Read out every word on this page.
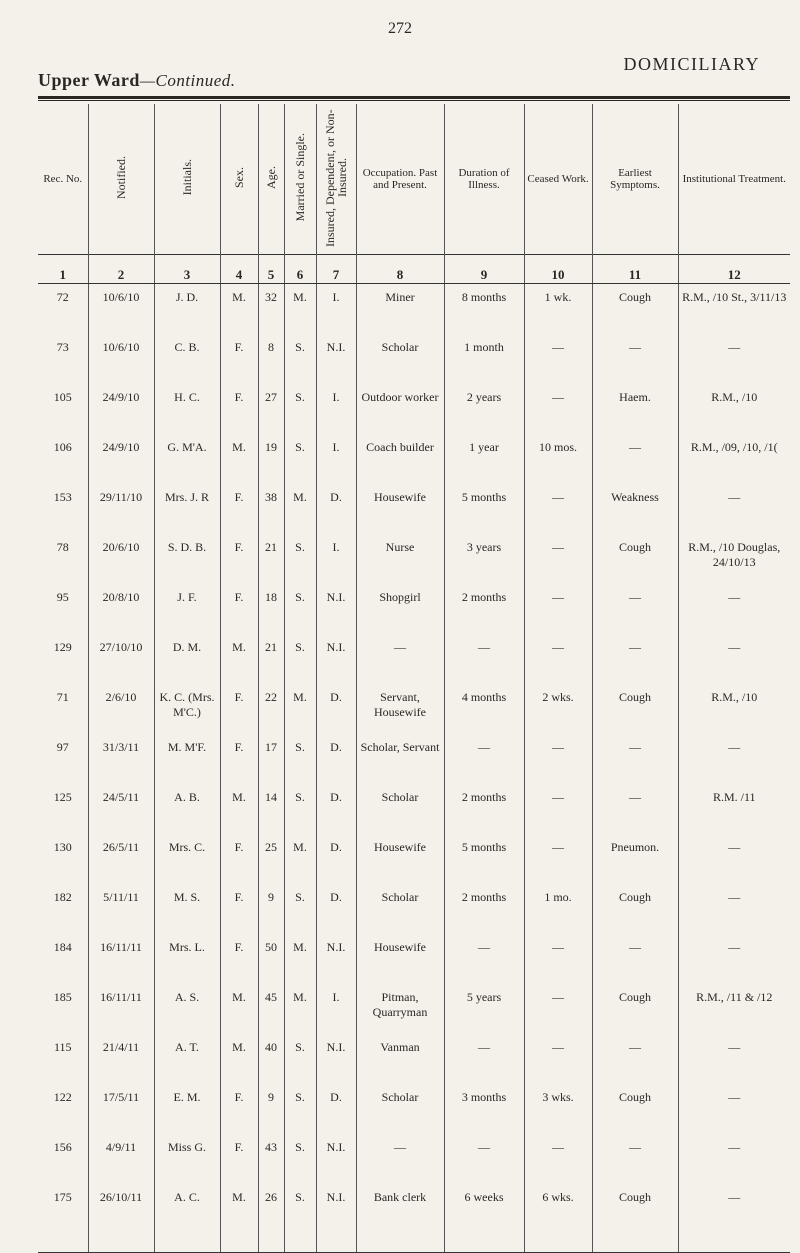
272
DOMICILIARY
Upper Ward—Continued.
Rec. No.	Notified.	Initials.	Sex.	Age.	Married or Single.	Insured, Dependent, or Non-Insured.	Occupation. Past and Present.	Duration of Illness.	Ceased Work.	Earliest Symptoms.	Institutional Treatment.
1	2	3	4	5	6	7	8	9	10	11	12
72	10/6/10	J. D.	M.	32	M.	I.	Miner	8 months	1 wk.	Cough	R.M., /10 St., 3/11/13
73	10/6/10	C. B.	F.	8	S.	N.I.	Scholar	1 month	—	—	—
105	24/9/10	H. C.	F.	27	S.	I.	Outdoor worker	2 years	—	Haem.	R.M., /10
106	24/9/10	G. M'A.	M.	19	S.	I.	Coach builder	1 year	10 mos.	—	R.M., /09, /10, /1(
153	29/11/10	Mrs. J. R	F.	38	M.	D.	Housewife	5 months	—	Weakness	—
78	20/6/10	S. D. B.	F.	21	S.	I.	Nurse	3 years	—	Cough	R.M., /10 Douglas, 24/10/13
95	20/8/10	J. F.	F.	18	S.	N.I.	Shopgirl	2 months	—	—	—
129	27/10/10	D. M.	M.	21	S.	N.I.	—	—	—	—	—
71	2/6/10	K. C. (Mrs. M'C.)	F.	22	M.	D.	Servant, Housewife	4 months	2 wks.	Cough	R.M., /10
97	31/3/11	M. M'F.	F.	17	S.	D.	Scholar, Servant	—	—	—	—
125	24/5/11	A. B.	M.	14	S.	D.	Scholar	2 months	—	—	R.M. /11
130	26/5/11	Mrs. C.	F.	25	M.	D.	Housewife	5 months	—	Pneumon.	—
182	5/11/11	M. S.	F.	9	S.	D.	Scholar	2 months	1 mo.	Cough	—
184	16/11/11	Mrs. L.	F.	50	M.	N.I.	Housewife	—	—	—	—
185	16/11/11	A. S.	M.	45	M.	I.	Pitman, Quarryman	5 years	—	Cough	R.M., /11 & /12
115	21/4/11	A. T.	M.	40	S.	N.I.	Vanman	—	—	—	—
122	17/5/11	E. M.	F.	9	S.	D.	Scholar	3 months	3 wks.	Cough	—
156	4/9/11	Miss G.	F.	43	S.	N.I.	—	—	—	—	—
175	26/10/11	A. C.	M.	26	S.	N.I.	Bank clerk	6 weeks	6 wks.	Cough	—
